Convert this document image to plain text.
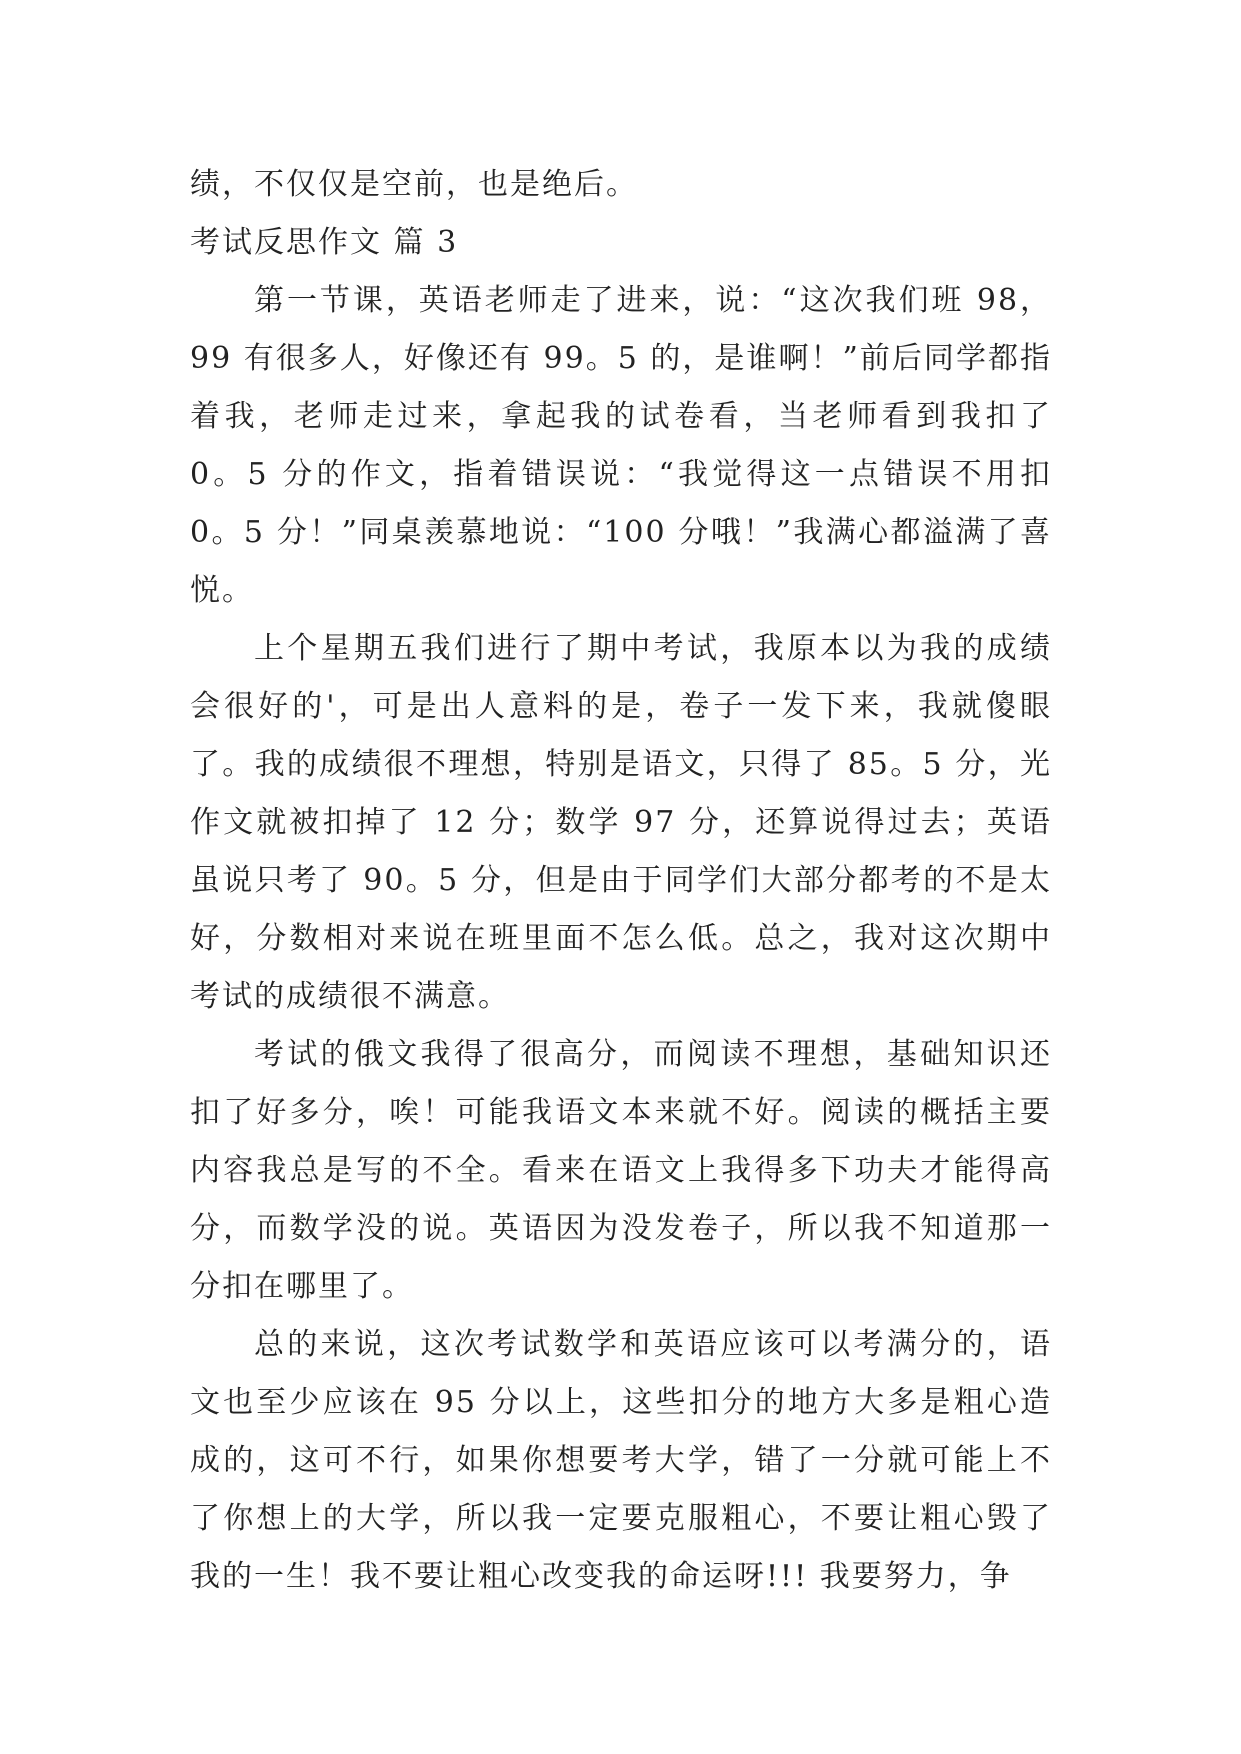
绩，不仅仅是空前，也是绝后。

考试反思作文 篇 3

第一节课，英语老师走了进来，说：“这次我们班 98，99 有很多人，好像还有 99。5 的，是谁啊！”前后同学都指着我，老师走过来，拿起我的试卷看，当老师看到我扣了 0。5 分的作文，指着错误说：“我觉得这一点错误不用扣 0。5 分！”同桌羡慕地说：“100 分哦！”我满心都溢满了喜悦。

上个星期五我们进行了期中考试，我原本以为我的成绩会很好的'，可是出人意料的是，卷子一发下来，我就傻眼了。我的成绩很不理想，特别是语文，只得了 85。5 分，光作文就被扣掉了 12 分；数学 97 分，还算说得过去；英语虽说只考了 90。5 分，但是由于同学们大部分都考的不是太好，分数相对来说在班里面不怎么低。总之，我对这次期中考试的成绩很不满意。

考试的俄文我得了很高分，而阅读不理想，基础知识还扣了好多分，唉！可能我语文本来就不好。阅读的概括主要内容我总是写的不全。看来在语文上我得多下功夫才能得高分，而数学没的说。英语因为没发卷子，所以我不知道那一分扣在哪里了。

总的来说，这次考试数学和英语应该可以考满分的，语文也至少应该在 95 分以上，这些扣分的地方大多是粗心造成的，这可不行，如果你想要考大学，错了一分就可能上不了你想上的大学，所以我一定要克服粗心，不要让粗心毁了我的一生！我不要让粗心改变我的命运呀!!! 我要努力，争
